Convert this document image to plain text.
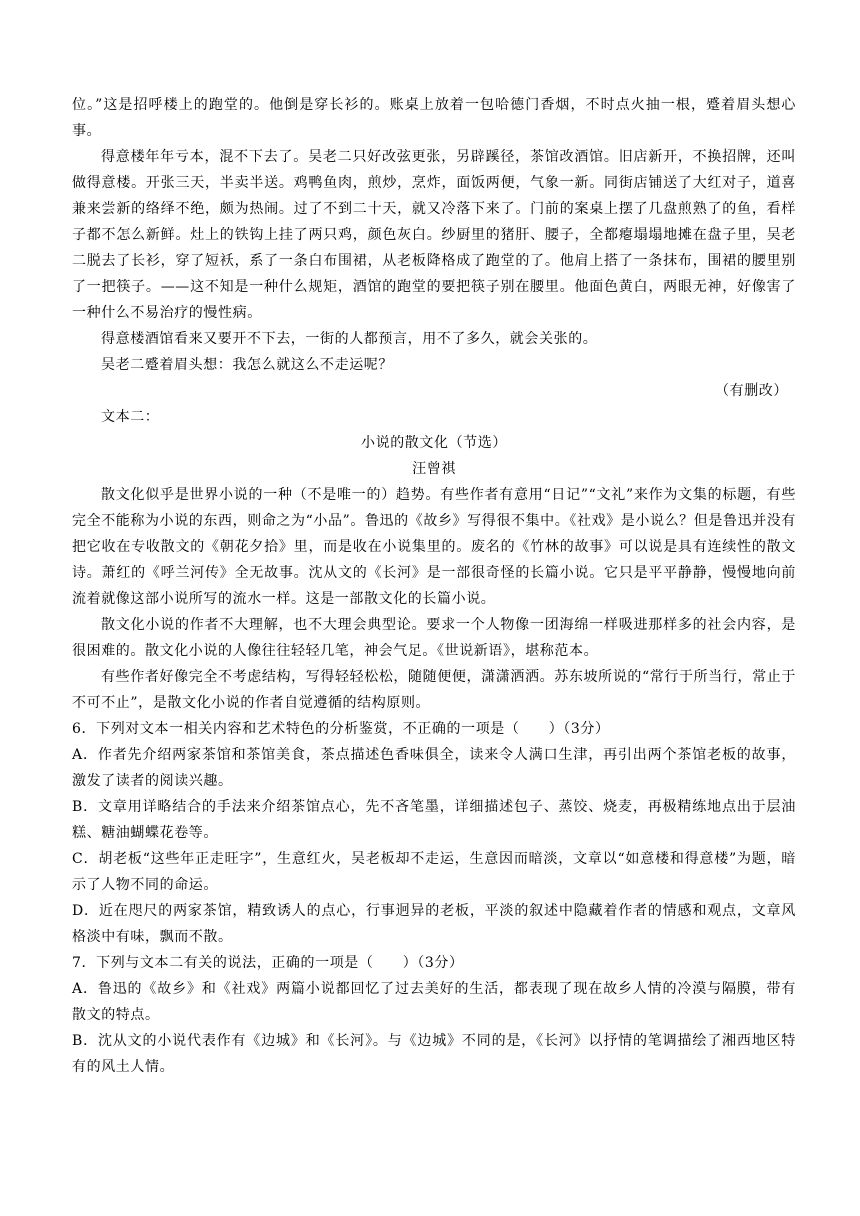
位。”这是招呼楼上的跑堂的。他倒是穿长衫的。账桌上放着一包哈德门香烟，不时点火抽一根，蹙着眉头想心事。

得意楼年年亏本，混不下去了。吴老二只好改弦更张，另辟蹊径，茶馆改酒馆。旧店新开，不换招牌，还叫做得意楼。开张三天，半卖半送。鸡鸭鱼肉，煎炒，烹炸，面饭两便，气象一新。同街店铺送了大红对子，道喜兼来尝新的络绎不绝，颇为热闹。过了不到二十天，就又冷落下来了。门前的案桌上摆了几盘煎熟了的鱼，看样子都不怎么新鲜。灶上的铁钩上挂了两只鸡，颜色灰白。纱厨里的猪肝、腰子，全都瘪塌塌地摊在盘子里，吴老二脱去了长衫，穿了短袄，系了一条白布围裙，从老板降格成了跑堂的了。他肩上搭了一条抹布，围裙的腰里别了一把筷子。——这不知是一种什么规矩，酒馆的跑堂的要把筷子别在腰里。他面色黄白，两眼无神，好像害了一种什么不易治疗的慢性病。

得意楼酒馆看来又要开不下去，一街的人都预言，用不了多久，就会关张的。

吴老二蹙着眉头想：我怎么就这么不走运呢？

（有删改）

文本二：

小说的散文化（节选）

汪曾祺

散文化似乎是世界小说的一种（不是唯一的）趋势。有些作者有意用“日记”“文礼”来作为文集的标题，有些完全不能称为小说的东西，则命之为“小品”。鲁迅的《故乡》写得很不集中。《社戏》是小说么？但是鲁迅并没有把它收在专收散文的《朝花夕拾》里，而是收在小说集里的。废名的《竹林的故事》可以说是具有连续性的散文诗。萧红的《呼兰河传》全无故事。沈从文的《长河》是一部很奇怪的长篇小说。它只是平平静静，慢慢地向前流着就像这部小说所写的流水一样。这是一部散文化的长篇小说。

散文化小说的作者不大理解，也不大理会典型论。要求一个人物像一团海绵一样吸进那样多的社会内容，是很困难的。散文化小说的人像往往轻轻几笔，神会气足。《世说新语》，堪称范本。

有些作者好像完全不考虑结构，写得轻轻松松，随随便便，潇潇洒洒。苏东坡所说的“常行于所当行，常止于不可不止”，是散文化小说的作者自觉遵循的结构原则。

6．下列对文本一相关内容和艺术特色的分析鉴赏，不正确的一项是（　　）（3分）

A．作者先介绍两家茶馆和茶馆美食，茶点描述色香味俱全，读来令人满口生津，再引出两个茶馆老板的故事，激发了读者的阅读兴趣。

B．文章用详略结合的手法来介绍茶馆点心，先不吝笔墨，详细描述包子、蒸饺、烧麦，再极精练地点出于层油糕、糖油蝴蝶花卷等。

C．胡老板“这些年正走旺字”，生意红火，吴老板却不走运，生意因而暗淡，文章以“如意楼和得意楼”为题，暗示了人物不同的命运。

D．近在咫尺的两家茶馆，精致诱人的点心，行事迥异的老板，平淡的叙述中隐藏着作者的情感和观点，文章风格淡中有味，飘而不散。

7．下列与文本二有关的说法，正确的一项是（　　）（3分）

A．鲁迅的《故乡》和《社戏》两篇小说都回忆了过去美好的生活，都表现了现在故乡人情的冷漠与隔膜，带有散文的特点。

B．沈从文的小说代表作有《边城》和《长河》。与《边城》不同的是，《长河》以抒情的笔调描绘了湘西地区特有的风土人情。
